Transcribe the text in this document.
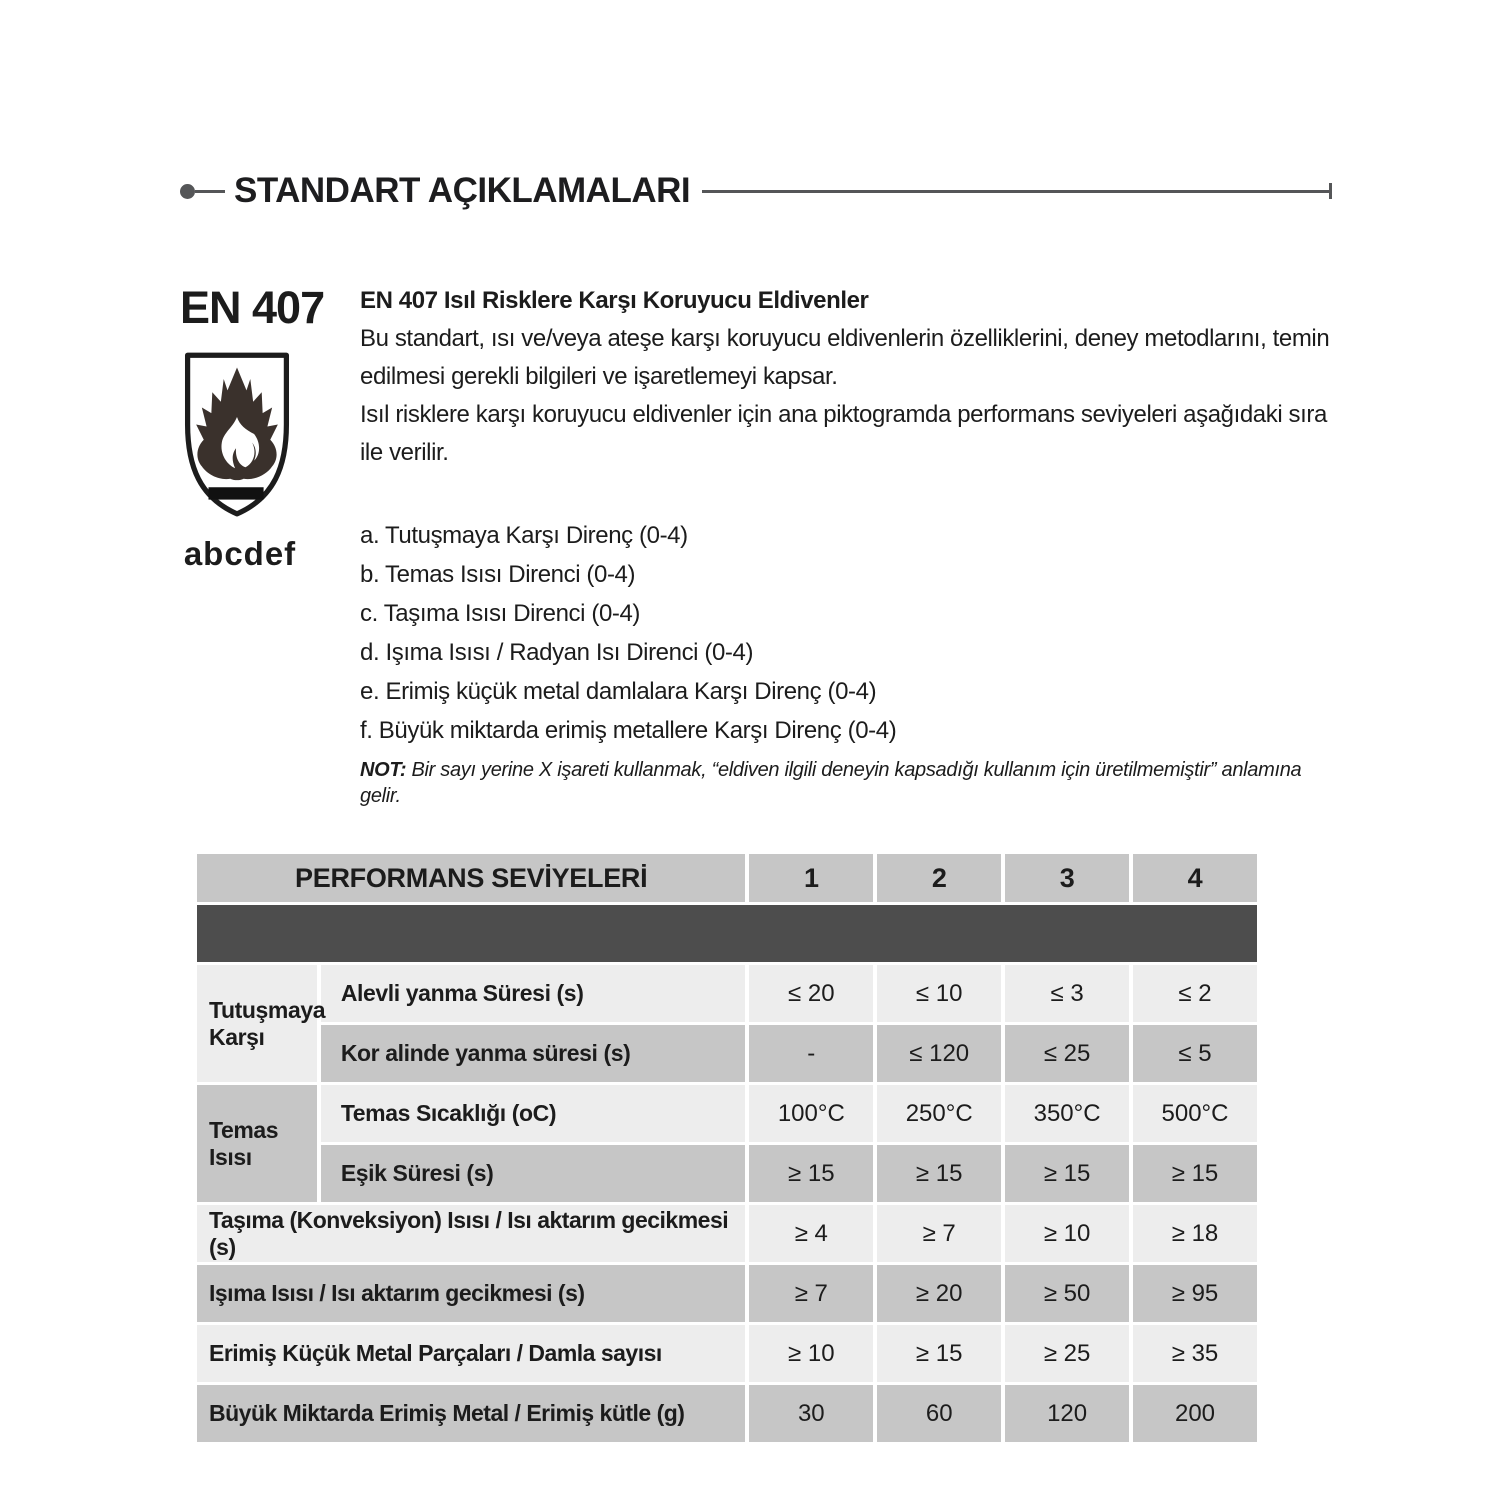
STANDART AÇIKLAMALARI
EN 407
abcdef

EN 407 Isıl Risklere Karşı Koruyucu Eldivenler

Bu standart, ısı ve/veya ateşe karşı koruyucu eldivenlerin özelliklerini, deney metodlarını, temin edilmesi gerekli bilgileri ve işaretlemeyi kapsar.

Isıl risklere karşı koruyucu eldivenler için ana piktogramda performans seviyeleri aşağıdaki sıra ile verilir.

a. Tutuşmaya Karşı Direnç (0-4)
b. Temas Isısı Direnci (0-4)
c. Taşıma Isısı Direnci (0-4)
d. Işıma Isısı / Radyan Isı Direnci (0-4)
e. Erimiş küçük metal damlalara Karşı Direnç (0-4)
f. Büyük miktarda erimiş metallere Karşı Direnç (0-4)

NOT: Bir sayı yerine X işareti kullanmak, “eldiven ilgili deneyin kapsadığı kullanım için üretilmemiştir” anlamına gelir.

PERFORMANS SEVİYELERİ		1	2	3	4

Tutuşmaya Karşı	Alevli yanma Süresi (s)	≤ 20	≤ 10	≤ 3	≤ 2
	Kor alinde yanma süresi (s)	-	≤ 120	≤ 25	≤ 5
Temas Isısı	Temas Sıcaklığı (oC)	100°C	250°C	350°C	500°C
	Eşik Süresi (s)	≥ 15	≥ 15	≥ 15	≥ 15
Taşıma (Konveksiyon) Isısı / Isı aktarım gecikmesi (s)		≥ 4	≥ 7	≥ 10	≥ 18
Işıma Isısı / Isı aktarım gecikmesi (s)		≥ 7	≥ 20	≥ 50	≥ 95
Erimiş Küçük Metal Parçaları / Damla sayısı		≥ 10	≥ 15	≥ 25	≥ 35
Büyük Miktarda Erimiş Metal / Erimiş kütle (g)		30	60	120	200
